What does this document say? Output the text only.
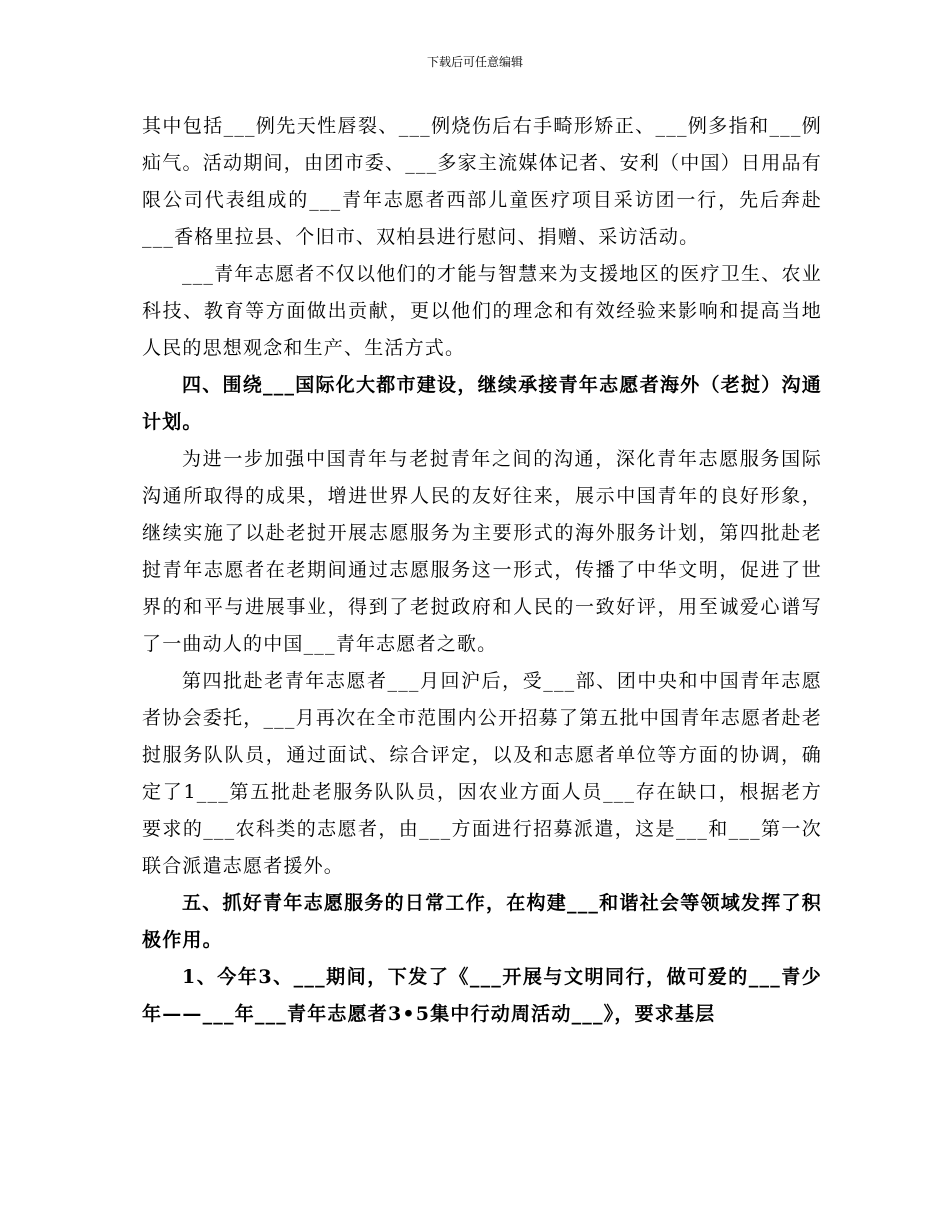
下载后可任意编辑

其中包括___例先天性唇裂、___例烧伤后右手畸形矫正、___例多指和___例疝气。活动期间，由团市委、___多家主流媒体记者、安利（中国）日用品有限公司代表组成的___青年志愿者西部儿童医疗项目采访团一行，先后奔赴___香格里拉县、个旧市、双柏县进行慰问、捐赠、采访活动。

___青年志愿者不仅以他们的才能与智慧来为支援地区的医疗卫生、农业科技、教育等方面做出贡献，更以他们的理念和有效经验来影响和提高当地人民的思想观念和生产、生活方式。

四、围绕___国际化大都市建设，继续承接青年志愿者海外（老挝）沟通计划。

为进一步加强中国青年与老挝青年之间的沟通，深化青年志愿服务国际沟通所取得的成果，增进世界人民的友好往来，展示中国青年的良好形象，继续实施了以赴老挝开展志愿服务为主要形式的海外服务计划，第四批赴老挝青年志愿者在老期间通过志愿服务这一形式，传播了中华文明，促进了世界的和平与进展事业，得到了老挝政府和人民的一致好评，用至诚爱心谱写了一曲动人的中国___青年志愿者之歌。

第四批赴老青年志愿者___月回沪后，受___部、团中央和中国青年志愿者协会委托，___月再次在全市范围内公开招募了第五批中国青年志愿者赴老挝服务队队员，通过面试、综合评定，以及和志愿者单位等方面的协调，确定了1___第五批赴老服务队队员，因农业方面人员___存在缺口，根据老方要求的___农科类的志愿者，由___方面进行招募派遣，这是___和___第一次联合派遣志愿者援外。

五、抓好青年志愿服务的日常工作，在构建___和谐社会等领域发挥了积极作用。

1、今年3、___期间，下发了《___开展与文明同行，做可爱的___青少年——___年___青年志愿者3•5集中行动周活动___》，要求基层
